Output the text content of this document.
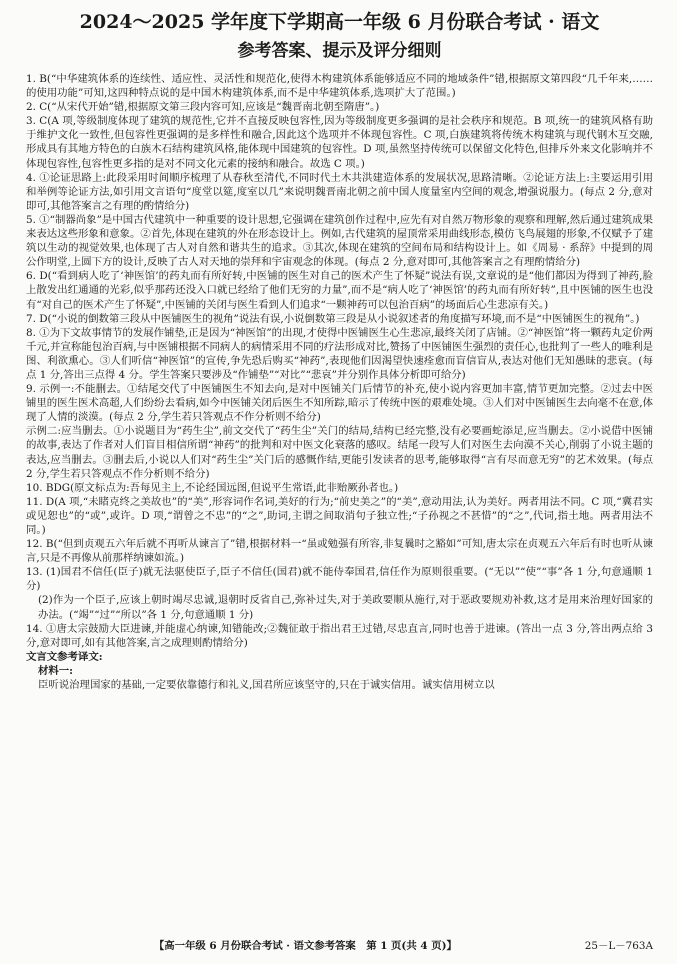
2024～2025 学年度下学期高一年级 6 月份联合考试 · 语文
参考答案、提示及评分细则

1. B(“中华建筑体系的连续性、适应性、灵活性和规范化,使得木构建筑体系能够适应不同的地域条件”错,根据原文第四段“几千年来,……的使用功能”可知,这四种特点说的是中国木构建筑体系,而不是中华建筑体系,选项扩大了范围。)

2. C(“从宋代开始”错,根据原文第三段内容可知,应该是“魏晋南北朝至隋唐”。)

3. C(A 项,等级制度体现了建筑的规范性,它并不直接反映包容性,因为等级制度更多强调的是社会秩序和规范。B 项,统一的建筑风格有助于维护文化一致性,但包容性更强调的是多样性和融合,因此这个选项并不体现包容性。C 项,白族建筑将传统木构建筑与现代钢木互交融,形成具有其地方特色的白族木石结构建筑风格,能体现中国建筑的包容性。D 项,虽然坚持传统可以保留文化特色,但排斥外来文化影响并不体现包容性,包容性更多指的是对不同文化元素的接纳和融合。故选 C 项。)

4. ①论证思路上:此段采用时间顺序梳理了从春秋至清代,不同时代土木共洪建造体系的发展状况,思路清晰。②论证方法上:主要运用引用和举例等论证方法,如引用文言语句“度堂以筵,度室以几”来说明魏晋南北朝之前中国人度量室内空间的观念,增强说服力。(每点 2 分,意对即可,其他答案言之有理的酌情给分)

5. ①“制器尚象”是中国古代建筑中一种重要的设计思想,它强调在建筑创作过程中,应先有对自然万物形象的观察和理解,然后通过建筑成果来表达这些形象和意象。②首先,体现在建筑的外在形态设计上。例如,古代建筑的屋顶常采用曲线形态,模仿飞鸟展翅的形象,不仅赋予了建筑以生动的视觉效果,也体现了古人对自然和谐共生的追求。③其次,体现在建筑的空间布局和结构设计上。如《周易 · 系辞》中提到的周公作明堂,上圆下方的设计,反映了古人对天地的崇拜和宇宙观念的体现。(每点 2 分,意对即可,其他答案言之有理酌情给分)

6. D(“看到病人吃了‘神医馆’的药丸而有所好转,中医铺的医生对自己的医术产生了怀疑”说法有误,文章说的是“他们都因为得到了神药,脸上散发出红通通的光彩,似乎那药还没入口就已经给了他们无穷的力量”,而不是“病人吃了‘神医馆’的药丸而有所好转”,且中医铺的医生也没有“对自己的医术产生了怀疑”,中医铺的关闭与医生看到人们追求“一颗神药可以包治百病”的场面后心生悲凉有关。)

7. D(“小说的倒数第三段从中医铺医生的视角”说法有误,小说倒数第三段是从小说叙述者的角度描写环境,而不是“中医铺医生的视角”。)

8. ①为下文故事情节的发展作铺垫,正是因为“神医馆”的出现,才使得中医铺医生心生悲凉,最终关闭了店铺。②“神医馆”将一颗药丸定价两千元,并宣称能包治百病,与中医铺根据不同病人的病情采用不同的疗法形成对比,赞扬了中医铺医生强烈的责任心,也批判了一些人的唯利是图、利欲熏心。③人们听信“神医馆”的宣传,争先恐后购买“神药”,表现他们因渴望快速痊愈而盲信盲从,表达对他们无知愚昧的悲哀。(每点 1 分,答出三点得 4 分。学生答案只要涉及“作铺垫”“对比”“悲哀”并分别作具体分析即可给分)

9. 示例一:不能删去。①结尾交代了中医铺医生不知去向,是对中医铺关门后情节的补充,使小说内容更加丰富,情节更加完整。②过去中医铺里的医生医术高超,人们纷纷去看病,如今中医铺关闭后医生不知所踪,暗示了传统中医的艰难处境。③人们对中医铺医生去向毫不在意,体现了人情的淡漠。(每点 2 分,学生若只答观点不作分析则不给分)

示例二:应当删去。①小说题目为“药生尘”,前文交代了“药生尘”关门的结局,结构已经完整,没有必要画蛇添足,应当删去。②小说借中医铺的故事,表达了作者对人们盲目相信所谓“神药”的批判和对中医文化衰落的感叹。结尾一段写人们对医生去向漠不关心,削弱了小说主题的表达,应当删去。③删去后,小说以人们对“药生尘”关门后的感慨作结,更能引发读者的思考,能够取得“言有尽而意无穷”的艺术效果。(每点 2 分,学生若只答观点不作分析则不给分)

10. BDG(原文标点为:吾每见主上,不论经国远图,但说平生常语,此非贻厥孙者也。)

11. D(A 项,“未睹克终之美故也”的“美”,形容词作名词,美好的行为;“前史美之”的“美”,意动用法,认为美好。两者用法不同。C 项,“冀君实或见恕也”的“或”,或许。D 项,“谓曾之不忠”的“之”,助词,主谓之间取消句子独立性;“子孙视之不甚惜”的“之”,代词,指土地。两者用法不同。)

12. B(“但到贞观五六年后就不再听从谏言了”错,根据材料一“虽或勉强有所容,非复曩时之豁如”可知,唐太宗在贞观五六年后有时也听从谏言,只是不再像从前那样纳谏如流。)

13. (1)国君不信任(臣子)就无法驱使臣子,臣子不信任(国君)就不能侍奉国君,信任作为原则很重要。(“无以”“使”“事”各 1 分,句意通顺 1 分)

(2)作为一个臣子,应该上朝时竭尽忠诚,退朝时反省自己,弥补过失,对于美政要顺从施行,对于恶政要规劝补救,这才是用来治理好国家的办法。(“竭”“过”“所以”各 1 分,句意通顺 1 分)

14. ①唐太宗鼓励大臣进谏,并能虚心纳谏,知错能改;②魏征敢于指出君王过错,尽忠直言,同时也善于进谏。(答出一点 3 分,答出两点给 3 分,意对即可,如有其他答案,言之成理则酌情给分)

文言文参考译文:

材料一:

臣听说治理国家的基础,一定要依靠德行和礼义,国君所应该坚守的,只在于诚实信用。诚实信用树立以

【高一年级 6 月份联合考试 · 语文参考答案　第 1 页(共 4 页)】	25－L－763A
